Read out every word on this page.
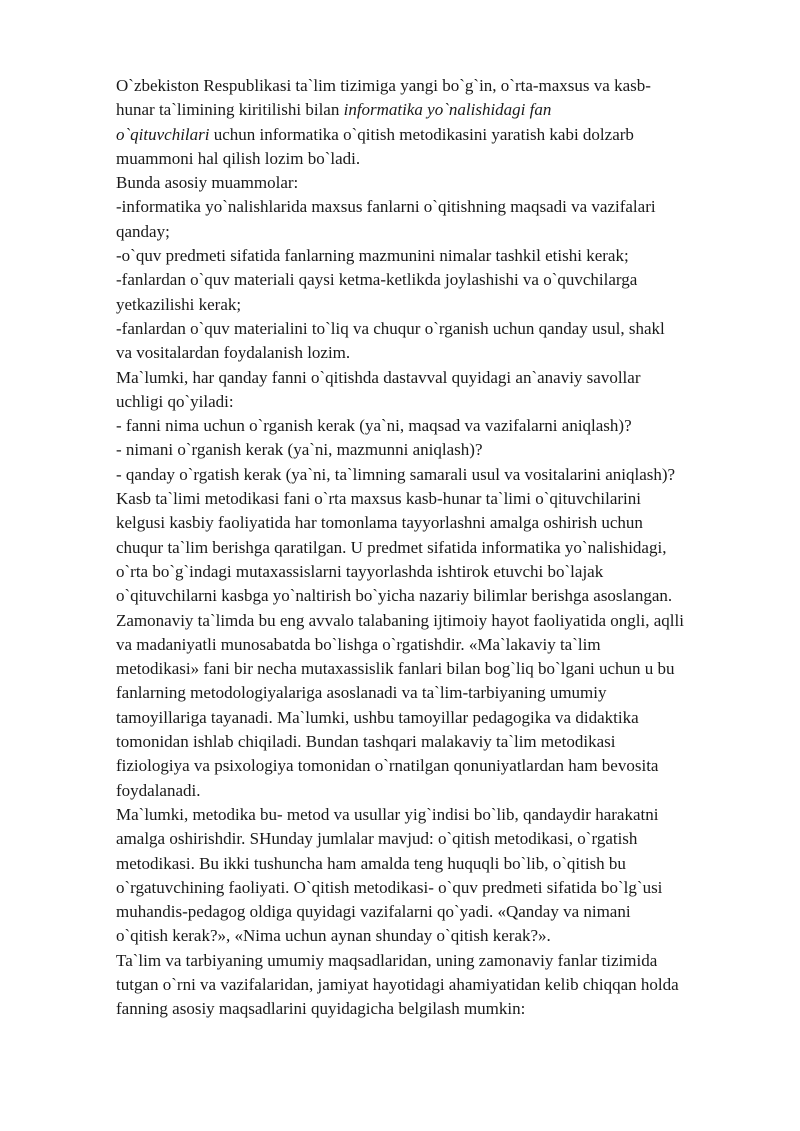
O`zbekiston Respublikasi ta`lim tizimiga yangi bo`g`in, o`rta-maxsus va kasb-
hunar ta`limining kiritilishi bilan informatika yo`nalishidagi fan
o`qituvchilari uchun informatika o`qitish metodikasini yaratish kabi dolzarb
muammoni hal qilish lozim bo`ladi.
Bunda asosiy muammolar:
-informatika yo`nalishlarida maxsus fanlarni o`qitishning maqsadi va vazifalari
qanday;
-o`quv predmeti sifatida fanlarning mazmunini nimalar tashkil etishi kerak;
-fanlardan o`quv materiali qaysi ketma-ketlikda joylashishi va o`quvchilarga
yetkazilishi kerak;
-fanlardan o`quv materialini to`liq va chuqur o`rganish uchun qanday usul, shakl
va vositalardan foydalanish lozim.
Ma`lumki, har qanday fanni o`qitishda dastavval quyidagi an`anaviy savollar
uchligi qo`yiladi:
- fanni nima uchun o`rganish kerak (ya`ni, maqsad va vazifalarni aniqlash)?
- nimani o`rganish kerak (ya`ni, mazmunni aniqlash)?
- qanday o`rgatish kerak (ya`ni, ta`limning samarali usul va vositalarini aniqlash)?
Kasb ta`limi metodikasi fani o`rta maxsus kasb-hunar ta`limi o`qituvchilarini
kelgusi kasbiy faoliyatida har tomonlama tayyorlashni amalga oshirish uchun
chuqur ta`lim berishga qaratilgan. U predmet sifatida informatika yo`nalishidagi,
o`rta bo`g`indagi mutaxassislarni tayyorlashda ishtirok etuvchi bo`lajak
o`qituvchilarni kasbga yo`naltirish bo`yicha nazariy bilimlar berishga asoslangan.
Zamonaviy ta`limda bu eng avvalo talabaning ijtimoiy hayot faoliyatida ongli, aqlli
va madaniyatli munosabatda bo`lishga o`rgatishdir. «Ma`lakaviy ta`lim
metodikasi» fani bir necha mutaxassislik fanlari bilan bog`liq bo`lgani uchun u bu
fanlarning metodologiyalariga asoslanadi va ta`lim-tarbiyaning umumiy
tamoyillariga tayanadi. Ma`lumki, ushbu tamoyillar pedagogika va didaktika
tomonidan ishlab chiqiladi. Bundan tashqari malakaviy ta`lim metodikasi
fiziologiya va psixologiya tomonidan o`rnatilgan qonuniyatlardan ham bevosita
foydalanadi.
Ma`lumki, metodika bu- metod va usullar yig`indisi bo`lib, qandaydir harakatni
amalga oshirishdir. SHunday jumlalar mavjud: o`qitish metodikasi, o`rgatish
metodikasi. Bu ikki tushuncha ham amalda teng huquqli bo`lib, o`qitish bu
o`rgatuvchining faoliyati. O`qitish metodikasi- o`quv predmeti sifatida bo`lg`usi
muhandis-pedagog oldiga quyidagi vazifalarni qo`yadi. «Qanday va nimani
o`qitish kerak?», «Nima uchun aynan shunday o`qitish kerak?».
Ta`lim va tarbiyaning umumiy maqsadlaridan, uning zamonaviy fanlar tizimida
tutgan o`rni va vazifalaridan, jamiyat hayotidagi ahamiyatidan kelib chiqqan holda
fanning asosiy maqsadlarini quyidagicha belgilash mumkin:
